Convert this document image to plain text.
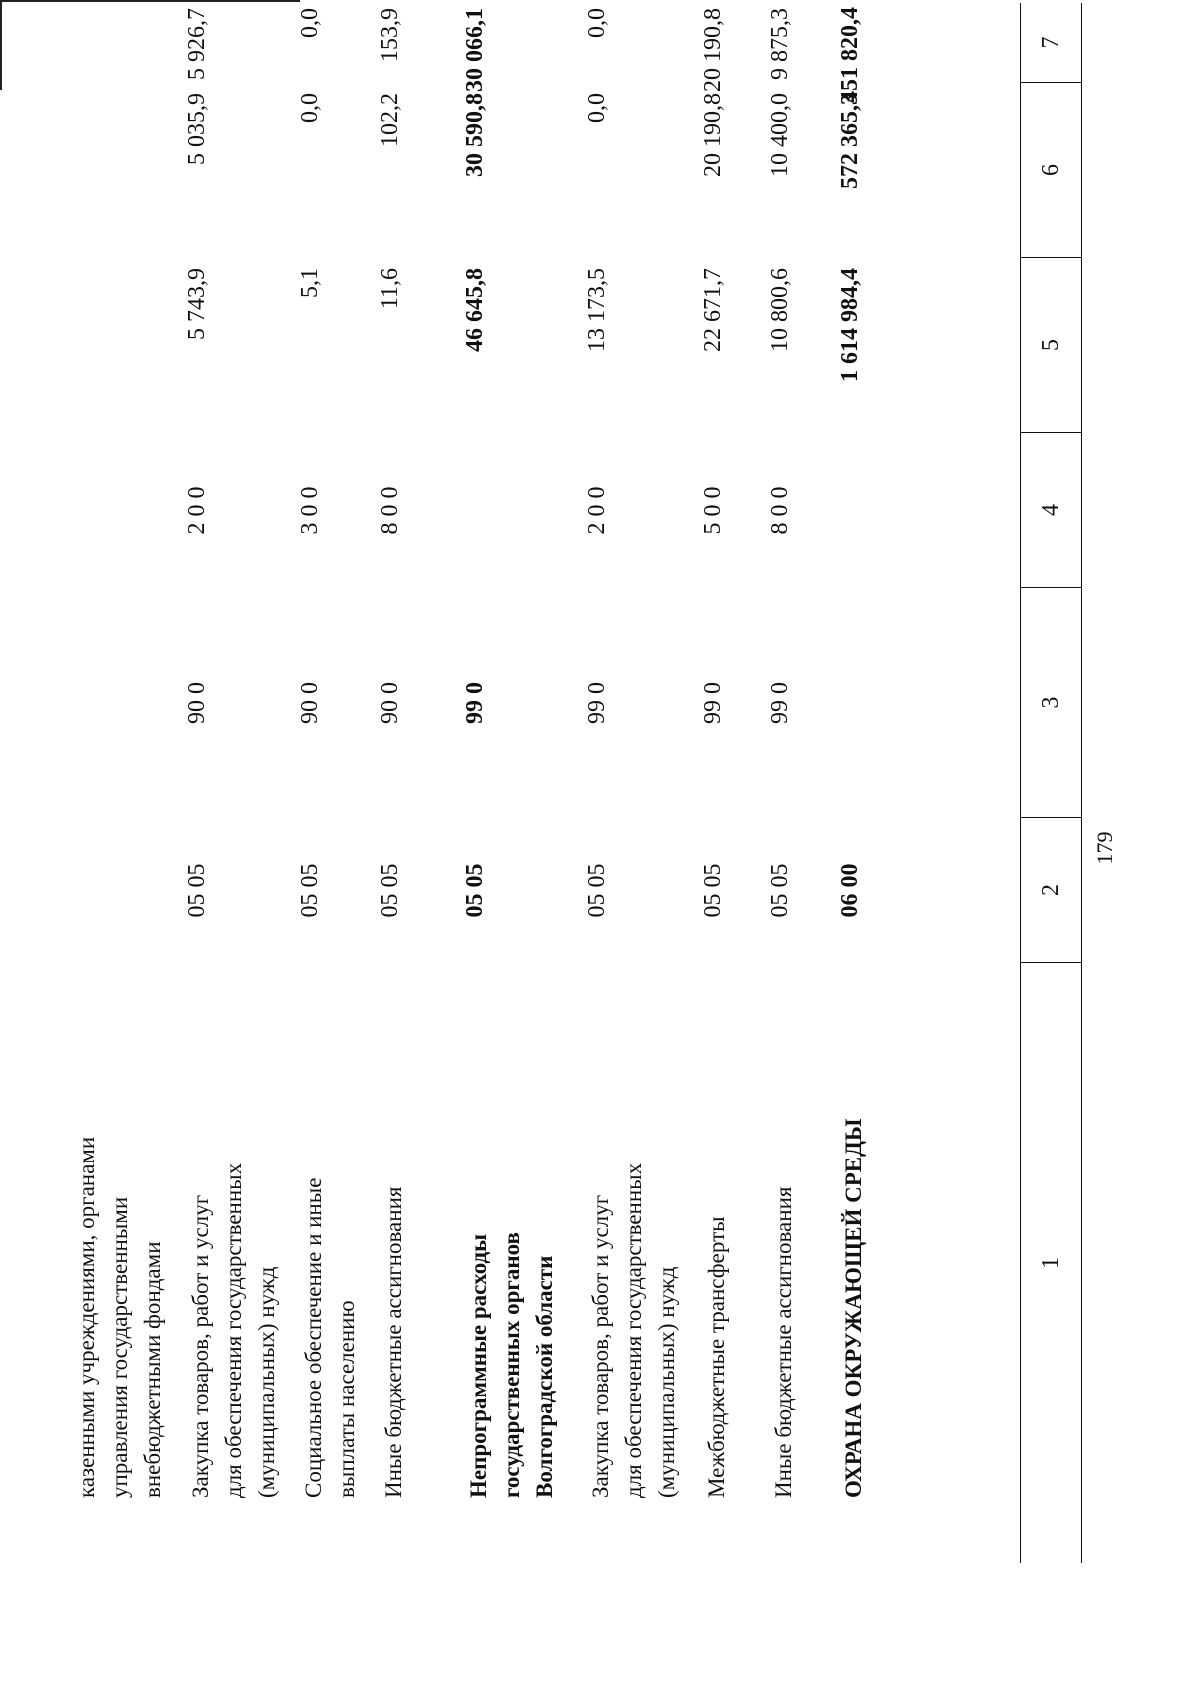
179
1
2
3
4
5
6
7
казенными учреждениями, органами управления государственными внебюджетными фондами Закупка товаров, работ и услуг для обеспечения государственных (муниципальных) нужд
05 05
90 0
2 0 0
5 743,9
5 035,9
5 926,7
Социальное обеспечение и иные выплаты населению
05 05
90 0
3 0 0
5,1
0,0
0,0
Иные бюджетные ассигнования
05 05
90 0
8 0 0
11,6
102,2
153,9
Непрограммные расходы государственных органов Волгоградской области
05 05
99 0
46 645,8
30 590,8
30 066,1
Закупка товаров, работ и услуг для обеспечения государственных (муниципальных) нужд
05 05
99 0
2 0 0
13 173,5
0,0
0,0
Межбюджетные трансферты
05 05
99 0
5 0 0
22 671,7
20 190,8
20 190,8
Иные бюджетные ассигнования
05 05
99 0
8 0 0
10 800,6
10 400,0
9 875,3
ОХРАНА ОКРУЖАЮЩЕЙ СРЕДЫ
06 00
1 614 984,4
572 365,3
451 820,4
